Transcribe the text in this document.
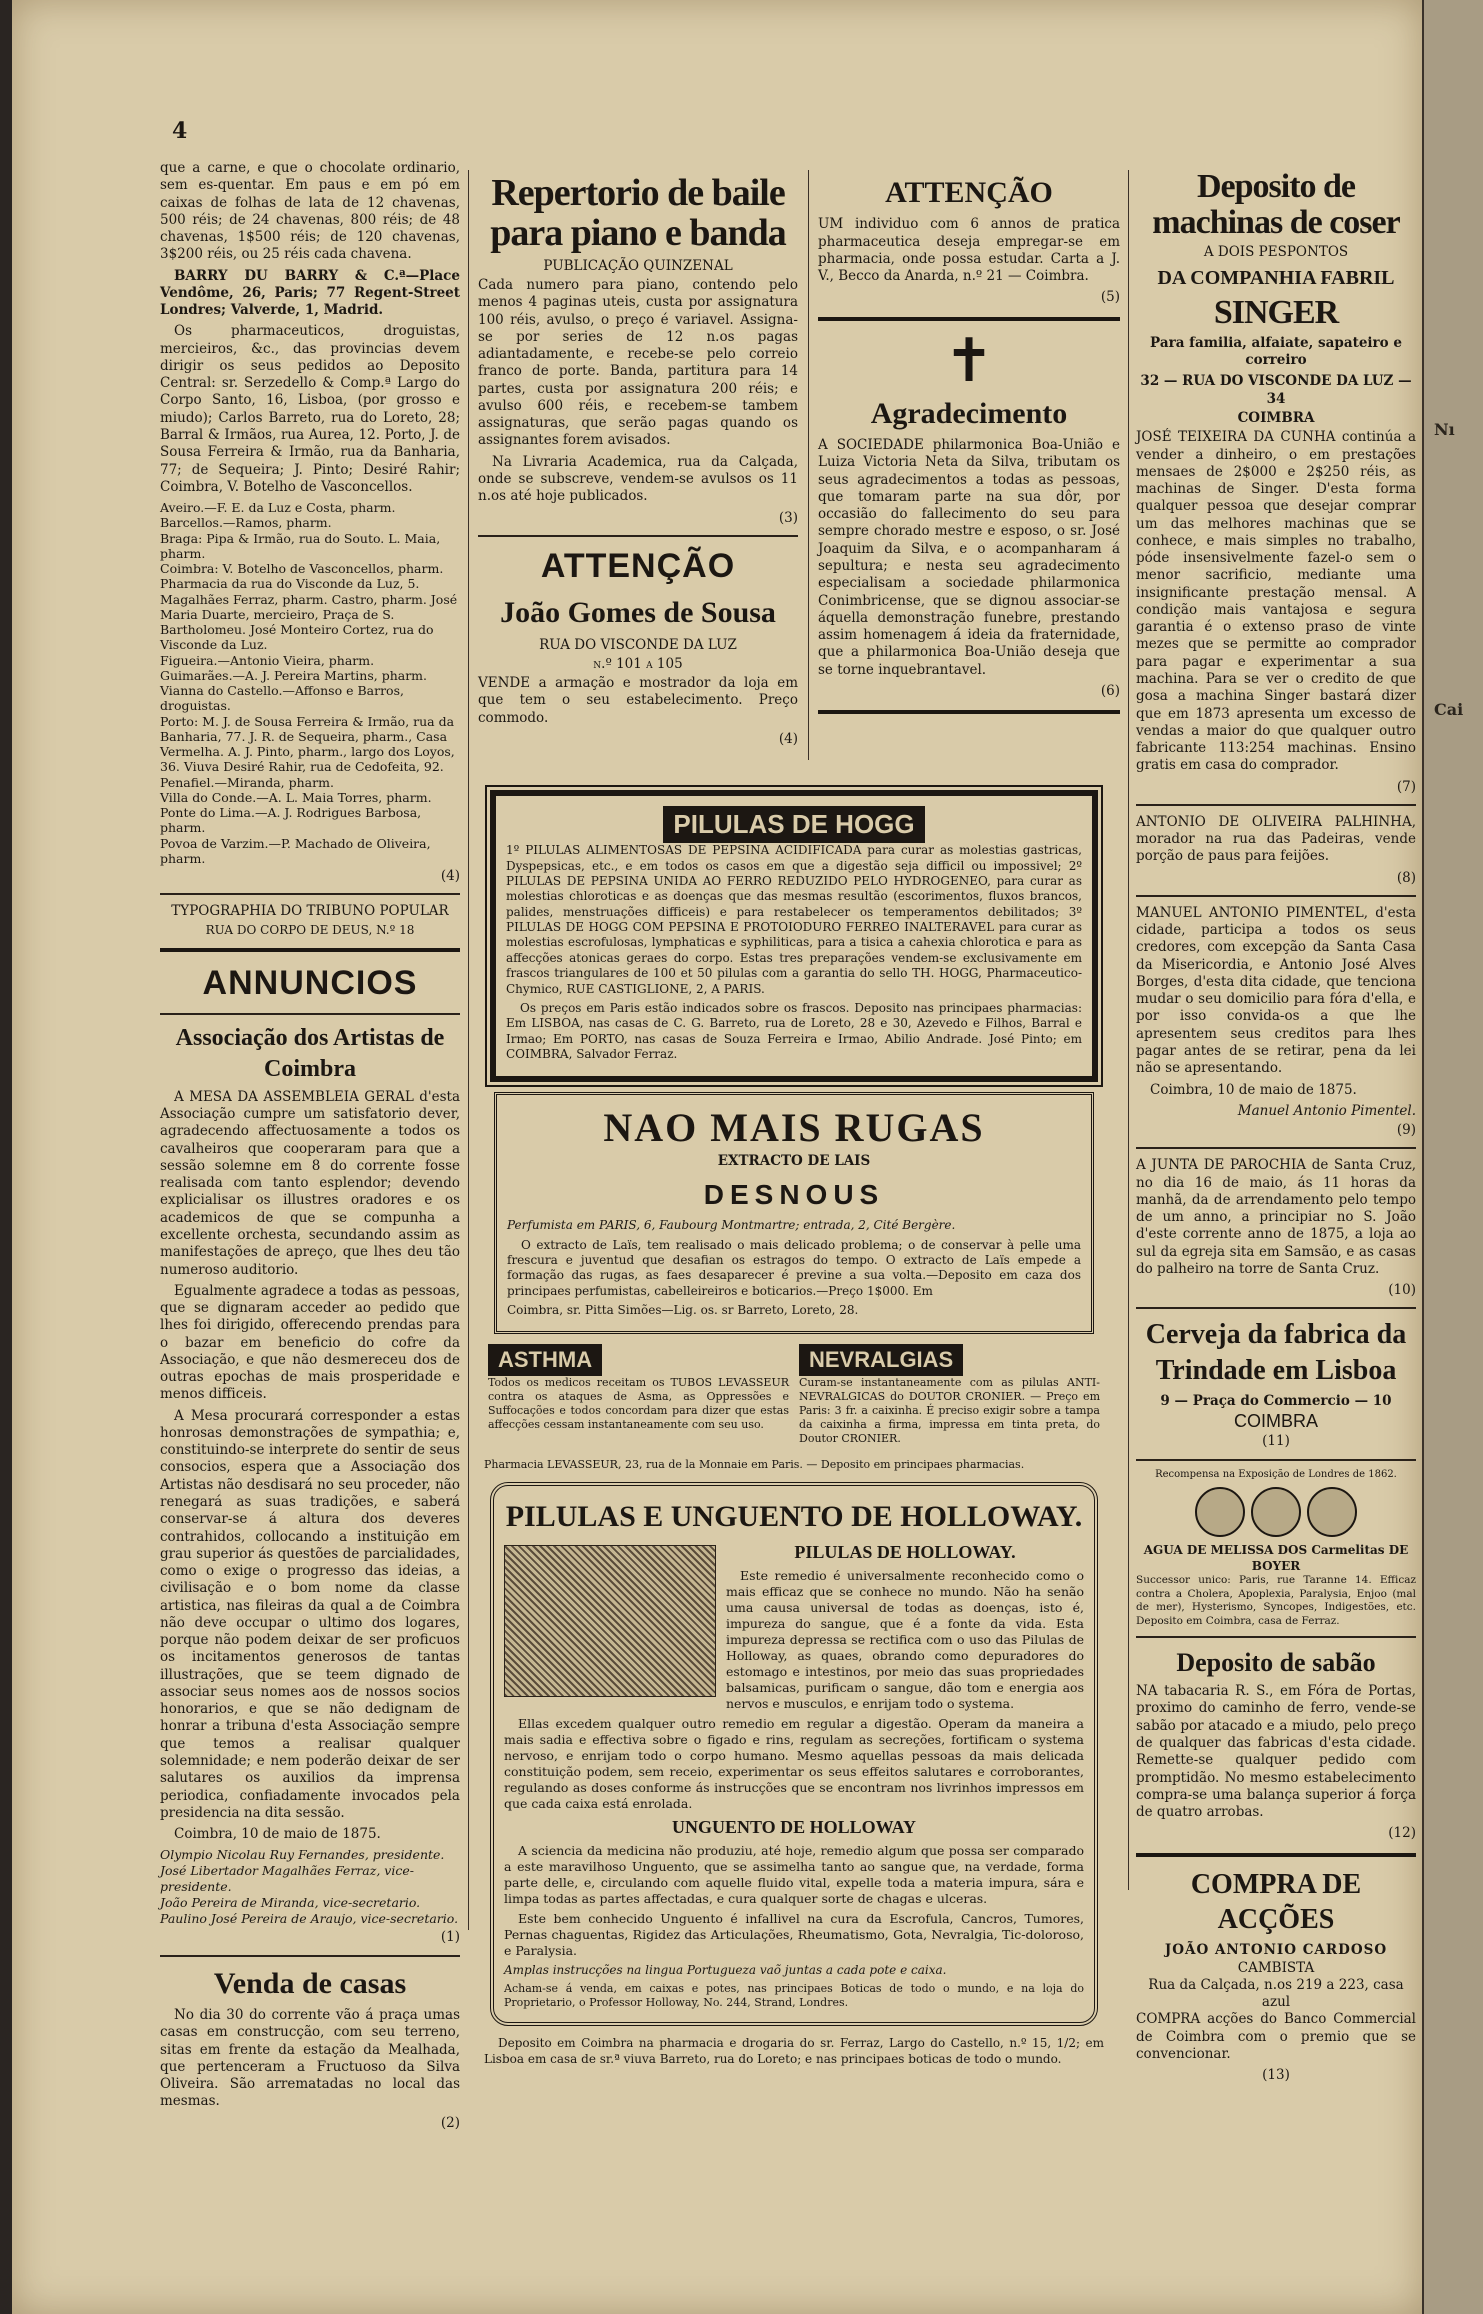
4

que a carne, e que o chocolate ordinario, sem es-quentar. Em paus e em pó em caixas de folhas de lata de 12 chavenas, 500 réis; de 24 chavenas, 800 réis; de 48 chavenas, 1$500 réis; de 120 chavenas, 3$200 réis, ou 25 réis cada chavena.

BARRY DU BARRY & C.ª—Place Vendôme, 26, Paris; 77 Regent-Street Londres; Valverde, 1, Madrid.

Os pharmaceuticos, droguistas, mercieiros, &c., das provincias devem dirigir os seus pedidos ao Deposito Central: sr. Serzedello & Comp.ª Largo do Corpo Santo, 16, Lisboa, (por grosso e miudo); Carlos Barreto, rua do Loreto, 28; Barral & Irmãos, rua Aurea, 12. Porto, J. de Sousa Ferreira & Irmão, rua da Banharia, 77; de Sequeira; J. Pinto; Desiré Rahir; Coimbra, V. Botelho de Vasconcellos.

Aveiro.—F. E. da Luz e Costa, pharm.
Barcellos.—Ramos, pharm.
Braga: Pipa & Irmão, rua do Souto. L. Maia, pharm.
Coimbra: V. Botelho de Vasconcellos, pharm. Pharmacia da rua do Visconde da Luz, 5. Magalhães Ferraz, pharm. Castro, pharm. José Maria Duarte, mercieiro, Praça de S. Bartholomeu. José Monteiro Cortez, rua do Visconde da Luz.
Figueira.—Antonio Vieira, pharm.
Guimarães.—A. J. Pereira Martins, pharm.
Vianna do Castello.—Affonso e Barros, droguistas.
Porto: M. J. de Sousa Ferreira & Irmão, rua da Banharia, 77. J. R. de Sequeira, pharm., Casa Vermelha. A. J. Pinto, pharm., largo dos Loyos, 36. Viuva Desiré Rahir, rua de Cedofeita, 92.
Penafiel.—Miranda, pharm.
Villa do Conde.—A. L. Maia Torres, pharm.
Ponte do Lima.—A. J. Rodrigues Barbosa, pharm.
Povoa de Varzim.—P. Machado de Oliveira, pharm.
(4)
TYPOGRAPHIA DO TRIBUNO POPULAR
RUA DO CORPO DE DEUS, N.º 18
ANNUNCIOS
Associação dos Artistas de Coimbra

A MESA DA ASSEMBLEIA GERAL d'esta Associação cumpre um satisfatorio dever, agradecendo affectuosamente a todos os cavalheiros que cooperaram para que a sessão solemne em 8 do corrente fosse realisada com tanto esplendor; devendo explicialisar os illustres oradores e os academicos de que se compunha a excellente orchesta, secundando assim as manifestações de apreço, que lhes deu tão numeroso auditorio.

Egualmente agradece a todas as pessoas, que se dignaram acceder ao pedido que lhes foi dirigido, offerecendo prendas para o bazar em beneficio do cofre da Associação, e que não desmereceu dos de outras epochas de mais prosperidade e menos difficeis.

A Mesa procurará corresponder a estas honrosas demonstrações de sympathia; e, constituindo-se interprete do sentir de seus consocios, espera que a Associação dos Artistas não desdisará no seu proceder, não renegará as suas tradições, e saberá conservar-se á altura dos deveres contrahidos, collocando a instituição em grau superior ás questões de parcialidades, como o exige o progresso das ideias, a civilisação e o bom nome da classe artistica, nas fileiras da qual a de Coimbra não deve occupar o ultimo dos logares, porque não podem deixar de ser proficuos os incitamentos generosos de tantas illustrações, que se teem dignado de associar seus nomes aos de nossos socios honorarios, e que se não dedignam de honrar a tribuna d'esta Associação sempre que temos a realisar qualquer solemnidade; e nem poderão deixar de ser salutares os auxilios da imprensa periodica, confiadamente invocados pela presidencia na dita sessão.

Coimbra, 10 de maio de 1875.

Olympio Nicolau Ruy Fernandes, presidente.
José Libertador Magalhães Ferraz, vice-presidente.
João Pereira de Miranda, vice-secretario.
Paulino José Pereira de Araujo, vice-secretario.
(1)
Venda de casas

No dia 30 do corrente vão á praça umas casas em construcção, com seu terreno, sitas em frente da estação da Mealhada, que pertenceram a Fructuoso da Silva Oliveira. São arrematadas no local das mesmas.

(2)
Repertorio de baile para piano e banda
PUBLICAÇÃO QUINZENAL

Cada numero para piano, contendo pelo menos 4 paginas uteis, custa por assignatura 100 réis, avulso, o preço é variavel. Assigna-se por series de 12 n.os pagas adiantadamente, e recebe-se pelo correio franco de porte. Banda, partitura para 14 partes, custa por assignatura 200 réis; e avulso 600 réis, e recebem-se tambem assignaturas, que serão pagas quando os assignantes forem avisados.

Na Livraria Academica, rua da Calçada, onde se subscreve, vendem-se avulsos os 11 n.os até hoje publicados.

(3)
ATTENÇÃO
João Gomes de Sousa
RUA DO VISCONDE DA LUZ
n.º 101 a 105

VENDE a armação e mostrador da loja em que tem o seu estabelecimento. Preço commodo.

(4)
ATTENÇÃO

UM individuo com 6 annos de pratica pharmaceutica deseja empregar-se em pharmacia, onde possa estudar. Carta a J. V., Becco da Anarda, n.º 21 — Coimbra.

(5)
✝
Agradecimento

A SOCIEDADE philarmonica Boa-União e Luiza Victoria Neta da Silva, tributam os seus agradecimentos a todas as pessoas, que tomaram parte na sua dôr, por occasião do fallecimento do seu para sempre chorado mestre e esposo, o sr. José Joaquim da Silva, e o acompanharam á sepultura; e nesta seu agradecimento especialisam a sociedade philarmonica Conimbricense, que se dignou associar-se áquella demonstração funebre, prestando assim homenagem á ideia da fraternidade, que a philarmonica Boa-União deseja que se torne inquebrantavel.

(6)
PILULAS DE HOGG

1º PILULAS ALIMENTOSAS DE PEPSINA ACIDIFICADA para curar as molestias gastricas, Dyspepsicas, etc., e em todos os casos em que a digestão seja difficil ou impossivel; 2º PILULAS DE PEPSINA UNIDA AO FERRO REDUZIDO PELO HYDROGENEO, para curar as molestias chloroticas e as doenças que das mesmas resultão (escorimentos, fluxos brancos, palides, menstruações difficeis) e para restabelecer os temperamentos debilitados; 3º PILULAS DE HOGG COM PEPSINA E PROTOIODURO FERREO INALTERAVEL para curar as molestias escrofulosas, lymphaticas e syphiliticas, para a tisica a cahexia chlorotica e para as affecções atonicas geraes do corpo. Estas tres preparações vendem-se exclusivamente em frascos triangulares de 100 et 50 pilulas com a garantia do sello TH. HOGG, Pharmaceutico-Chymico, RUE CASTIGLIONE, 2, A PARIS.

Os preços em Paris estão indicados sobre os frascos. Deposito nas principaes pharmacias: Em LISBOA, nas casas de C. G. Barreto, rua de Loreto, 28 e 30, Azevedo e Filhos, Barral e Irmao; Em PORTO, nas casas de Souza Ferreira e Irmao, Abilio Andrade. José Pinto; em COIMBRA, Salvador Ferraz.

NAO MAIS RUGAS
EXTRACTO DE LAIS
DESNOUS

Perfumista em PARIS, 6, Faubourg Montmartre; entrada, 2, Cité Bergère.

O extracto de Laïs, tem realisado o mais delicado problema; o de conservar à pelle uma frescura e juventud que desafian os estragos do tempo. O extracto de Laïs empede a formação das rugas, as faes desaparecer é previne a sua volta.—Deposito em caza dos principaes perfumistas, cabelleireiros e boticarios.—Preço 1$000. Em

Coimbra, sr. Pitta Simões—Lig. os. sr Barreto, Loreto, 28.

ASTHMA

Todos os medicos receitam os TUBOS LEVASSEUR contra os ataques de Asma, as Oppressões e Suffocações e todos concordam para dizer que estas affecções cessam instantaneamente com seu uso.

NEVRALGIAS

Curam-se instantaneamente com as pilulas ANTI-NEVRALGICAS do DOUTOR CRONIER. — Preço em Paris: 3 fr. a caixinha. É preciso exigir sobre a tampa da caixinha a firma, impressa em tinta preta, do Doutor CRONIER.

Pharmacia LEVASSEUR, 23, rua de la Monnaie em Paris. — Deposito em principaes pharmacias.

PILULAS E UNGUENTO DE HOLLOWAY.
PILULAS DE HOLLOWAY.

Este remedio é universalmente reconhecido como o mais efficaz que se conhece no mundo. Não ha senão uma causa universal de todas as doenças, isto é, impureza do sangue, que é a fonte da vida. Esta impureza depressa se rectifica com o uso das Pilulas de Holloway, as quaes, obrando como depuradores do estomago e intestinos, por meio das suas propriedades balsamicas, purificam o sangue, dão tom e energia aos nervos e musculos, e enrijam todo o systema.

Ellas excedem qualquer outro remedio em regular a digestão. Operam da maneira a mais sadia e effectiva sobre o figado e rins, regulam as secreções, fortificam o systema nervoso, e enrijam todo o corpo humano. Mesmo aquellas pessoas da mais delicada constituição podem, sem receio, experimentar os seus effeitos salutares e corroborantes, regulando as doses conforme ás instrucções que se encontram nos livrinhos impressos em que cada caixa está enrolada.

UNGUENTO DE HOLLOWAY

A sciencia da medicina não produziu, até hoje, remedio algum que possa ser comparado a este maravilhoso Unguento, que se assimelha tanto ao sangue que, na verdade, forma parte delle, e, circulando com aquelle fluido vital, expelle toda a materia impura, sára e limpa todas as partes affectadas, e cura qualquer sorte de chagas e ulceras.

Este bem conhecido Unguento é infallivel na cura da Escrofula, Cancros, Tumores, Pernas chaguentas, Rigidez das Articulações, Rheumatismo, Gota, Nevralgia, Tic-doloroso, e Paralysia.

Amplas instrucções na lingua Portugueza vaõ juntas a cada pote e caixa.

Acham-se á venda, em caixas e potes, nas principaes Boticas de todo o mundo, e na loja do Proprietario, o Professor Holloway, No. 244, Strand, Londres.

Deposito em Coimbra na pharmacia e drogaria do sr. Ferraz, Largo do Castello, n.º 15, 1/2; em Lisboa em casa de sr.ª viuva Barreto, rua do Loreto; e nas principaes boticas de todo o mundo.

Deposito de machinas de coser
A DOIS PESPONTOS
DA COMPANHIA FABRIL
SINGER
Para familia, alfaiate, sapateiro e correiro
32 — RUA DO VISCONDE DA LUZ — 34
COIMBRA

JOSÉ TEIXEIRA DA CUNHA continúa a vender a dinheiro, o em prestações mensaes de 2$000 e 2$250 réis, as machinas de Singer. D'esta forma qualquer pessoa que desejar comprar um das melhores machinas que se conhece, e mais simples no trabalho, póde insensivelmente fazel-o sem o menor sacrificio, mediante uma insignificante prestação mensal. A condição mais vantajosa e segura garantia é o extenso praso de vinte mezes que se permitte ao comprador para pagar e experimentar a sua machina. Para se ver o credito de que gosa a machina Singer bastará dizer que em 1873 apresenta um excesso de vendas a maior do que qualquer outro fabricante 113:254 machinas. Ensino gratis em casa do comprador.

(7)

ANTONIO DE OLIVEIRA PALHINHA, morador na rua das Padeiras, vende porção de paus para feijões.

(8)

MANUEL ANTONIO PIMENTEL, d'esta cidade, participa a todos os seus credores, com excepção da Santa Casa da Misericordia, e Antonio José Alves Borges, d'esta dita cidade, que tenciona mudar o seu domicilio para fóra d'ella, e por isso convida-os a que lhe apresentem seus creditos para lhes pagar antes de se retirar, pena da lei não se apresentando.

Coimbra, 10 de maio de 1875.

Manuel Antonio Pimentel.
(9)

A JUNTA DE PAROCHIA de Santa Cruz, no dia 16 de maio, ás 11 horas da manhã, da de arrendamento pelo tempo de um anno, a principiar no S. João d'este corrente anno de 1875, a loja ao sul da egreja sita em Samsão, e as casas do palheiro na torre de Santa Cruz.

(10)
Cerveja da fabrica da Trindade em Lisboa
9 — Praça do Commercio — 10
COIMBRA
(11)
Recompensa na Exposição de Londres de 1862.
AGUA DE MELISSA DOS Carmelitas DE BOYER

Successor unico: Paris, rue Taranne 14. Efficaz contra a Cholera, Apoplexia, Paralysia, Enjoo (mal de mer), Hysterismo, Syncopes, Indigestões, etc. Deposito em Coimbra, casa de Ferraz.

Deposito de sabão

NA tabacaria R. S., em Fóra de Portas, proximo do caminho de ferro, vende-se sabão por atacado e a miudo, pelo preço de qualquer das fabricas d'esta cidade. Remette-se qualquer pedido com promptidão. No mesmo estabelecimento compra-se uma balança superior á força de quatro arrobas.

(12)
COMPRA DE ACÇÕES
JOÃO ANTONIO CARDOSO
CAMBISTA
Rua da Calçada, n.os 219 a 223, casa azul

COMPRA acções do Banco Commercial de Coimbra com o premio que se convencionar.

(13)
Nı
Cai
